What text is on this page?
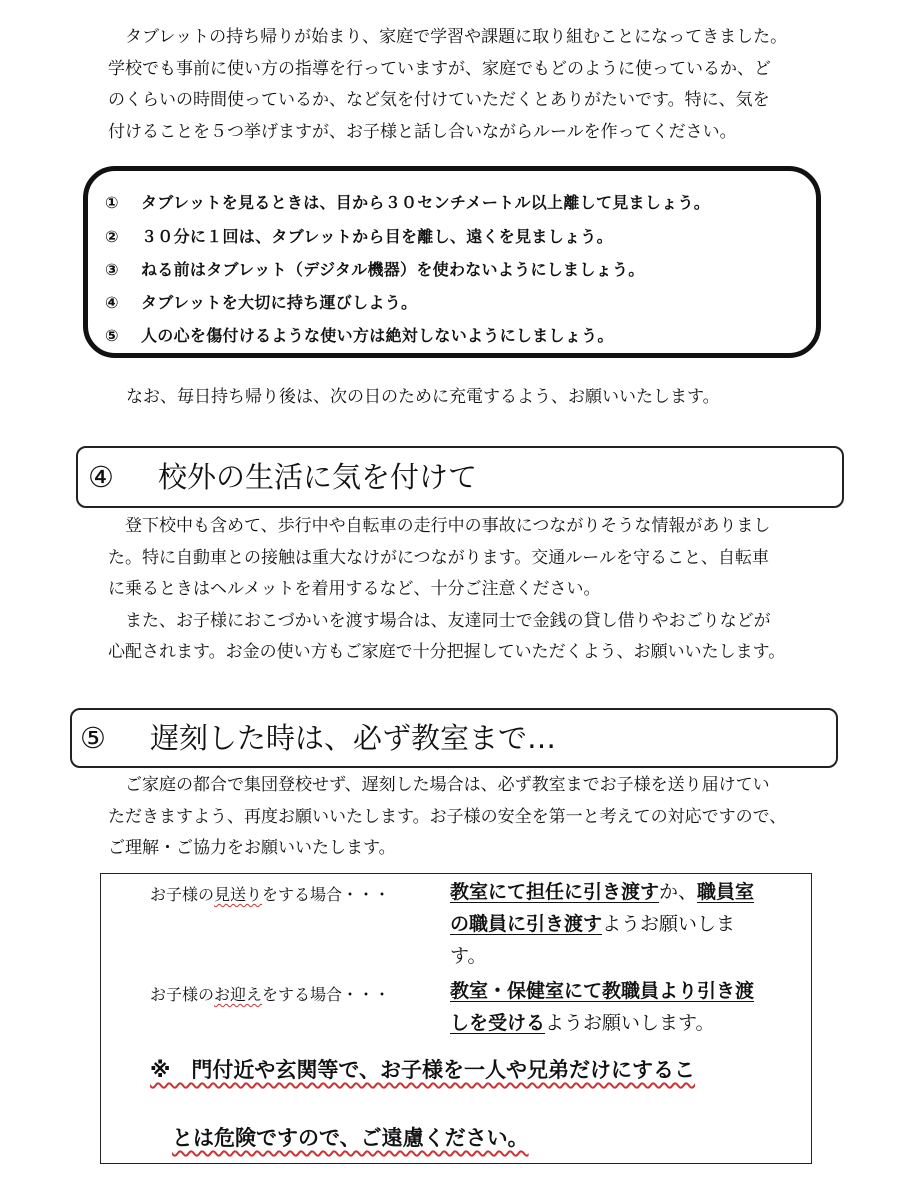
　タブレットの持ち帰りが始まり、家庭で学習や課題に取り組むことになってきました。
学校でも事前に使い方の指導を行っていますが、家庭でもどのように使っているか、ど
のくらいの時間使っているか、など気を付けていただくとありがたいです。特に、気を
付けることを５つ挙げますが、お子様と話し合いながらルールを作ってください。
① タブレットを見るときは、目から３０センチメートル以上離して見ましょう。
② ３０分に１回は、タブレットから目を離し、遠くを見ましょう。
③ ねる前はタブレット（デジタル機器）を使わないようにしましょう。
④ タブレットを大切に持ち運びしよう。
⑤ 人の心を傷付けるような使い方は絶対しないようにしましょう。
なお、毎日持ち帰り後は、次の日のために充電するよう、お願いいたします。
④ 校外の生活に気を付けて
　登下校中も含めて、歩行中や自転車の走行中の事故につながりそうな情報がありまし
た。特に自動車との接触は重大なけがにつながります。交通ルールを守ること、自転車
に乗るときはヘルメットを着用するなど、十分ご注意ください。
　また、お子様におこづかいを渡す場合は、友達同士で金銭の貸し借りやおごりなどが
心配されます。お金の使い方もご家庭で十分把握していただくよう、お願いいたします。
⑤ 遅刻した時は、必ず教室まで…
　ご家庭の都合で集団登校せず、遅刻した場合は、必ず教室までお子様を送り届けてい
ただきますよう、再度お願いいたします。お子様の安全を第一と考えての対応ですので、
ご理解・ご協力をお願いいたします。
お子様の見送りをする場合・・・	教室にて担任に引き渡すか、職員室
の職員に引き渡すようお願いしま
す。
お子様のお迎えをする場合・・・	教室・保健室にて教職員より引き渡
しを受けるようお願いします。
※　門付近や玄関等で、お子様を一人や兄弟だけにするこ
とは危険ですので、ご遠慮ください。
